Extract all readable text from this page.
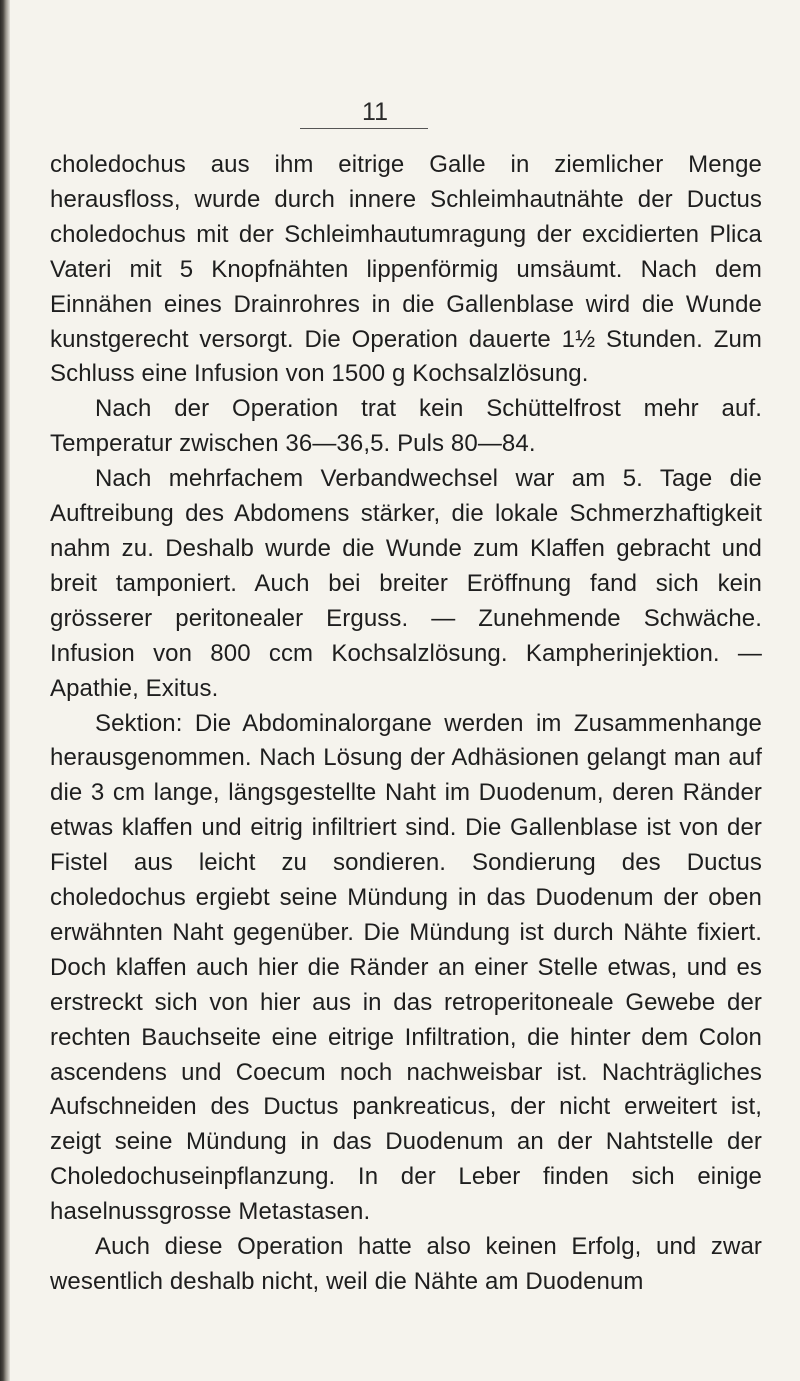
11

choledochus aus ihm eitrige Galle in ziemlicher Menge herausfloss, wurde durch innere Schleimhautnähte der Ductus choledochus mit der Schleimhautumragung der excidierten Plica Vateri mit 5 Knopfnähten lippenförmig umsäumt. Nach dem Einnähen eines Drainrohres in die Gallenblase wird die Wunde kunstgerecht versorgt. Die Operation dauerte 1½ Stunden. Zum Schluss eine Infusion von 1500 g Kochsalzlösung.

Nach der Operation trat kein Schüttelfrost mehr auf. Temperatur zwischen 36—36,5. Puls 80—84.

Nach mehrfachem Verbandwechsel war am 5. Tage die Auftreibung des Abdomens stärker, die lokale Schmerzhaftigkeit nahm zu. Deshalb wurde die Wunde zum Klaffen gebracht und breit tamponiert. Auch bei breiter Eröffnung fand sich kein grösserer peritonealer Erguss. — Zunehmende Schwäche. Infusion von 800 ccm Kochsalzlösung. Kampherinjektion. — Apathie, Exitus.

Sektion: Die Abdominalorgane werden im Zusammenhange herausgenommen. Nach Lösung der Adhäsionen gelangt man auf die 3 cm lange, längsgestellte Naht im Duodenum, deren Ränder etwas klaffen und eitrig infiltriert sind. Die Gallenblase ist von der Fistel aus leicht zu sondieren. Sondierung des Ductus choledochus ergiebt seine Mündung in das Duodenum der oben erwähnten Naht gegenüber. Die Mündung ist durch Nähte fixiert. Doch klaffen auch hier die Ränder an einer Stelle etwas, und es erstreckt sich von hier aus in das retroperitoneale Gewebe der rechten Bauchseite eine eitrige Infiltration, die hinter dem Colon ascendens und Coecum noch nachweisbar ist. Nachträgliches Aufschneiden des Ductus pankreaticus, der nicht erweitert ist, zeigt seine Mündung in das Duodenum an der Nahtstelle der Choledochuseinpflanzung. In der Leber finden sich einige haselnussgrosse Metastasen.

Auch diese Operation hatte also keinen Erfolg, und zwar wesentlich deshalb nicht, weil die Nähte am Duodenum
